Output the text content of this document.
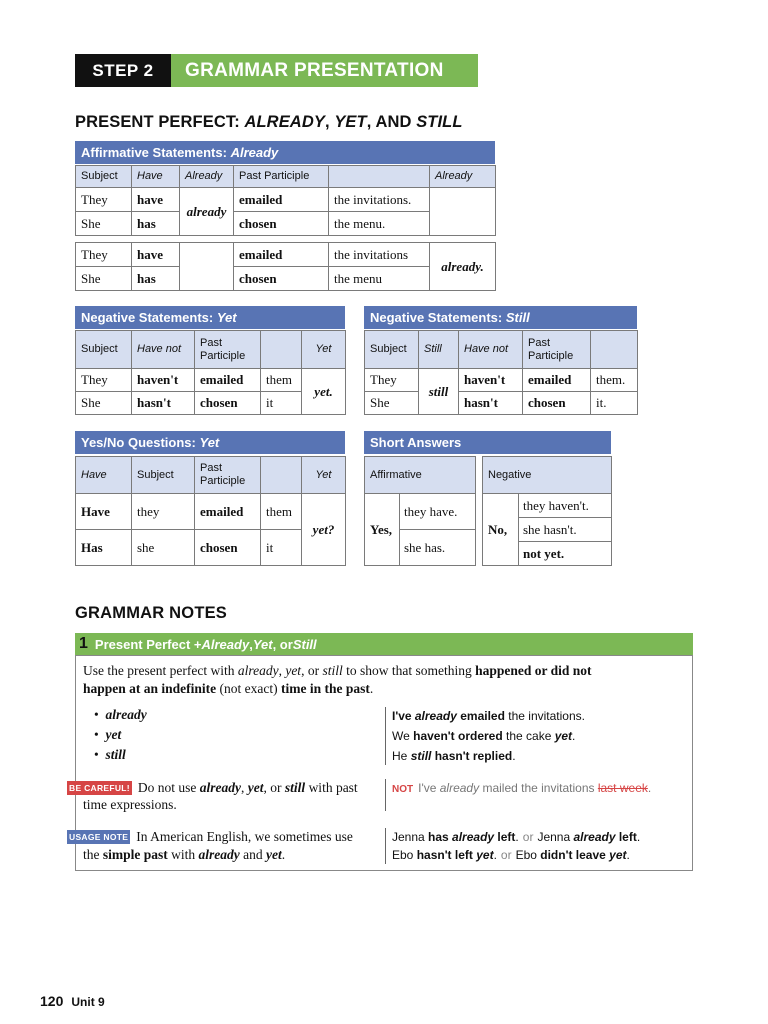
STEP 2	GRAMMAR PRESENTATION
PRESENT PERFECT: ALREADY, YET, AND STILL
Affirmative Statements:
Already
Subject	Have	Already	Past Participle		Already
They	have	already	emailed	the invitations.	
She	has		chosen	the menu.	
They	have		emailed	the invitations	already.
She	has		chosen	the menu	
Negative Statements:
Yet
Subject	Have not	Past Participle		Yet
They	haven't	emailed	them	yet.
She	hasn't	chosen	it	
Negative Statements:
Still
Subject	Still	Have not	Past Participle	
They	still	haven't	emailed	them.
She		hasn't	chosen	it.
Yes/No Questions:
Yet
Have	Subject	Past Participle		Yet
Have	they	emailed	them	yet?
Has	she	chosen	it	
Short Answers
Affirmative
Yes,	they have.
she has.
Negative
No,	they haven't.
she hasn't.
not yet.
GRAMMAR NOTES
1 Present Perfect + Already , Yet , or Still
Use the present perfect with already, yet, or still to show that something happened or did not
happen at an indefinite (not exact) time in the past.
•  already
•  yet
•  still
I've already emailed the invitations.
We haven't ordered the cake yet.
He still hasn't replied.
BE CAREFUL! Do not use already, yet, or still with past
time expressions.
NOT I've already mailed the invitations last week.
USAGE NOTE In American English, we sometimes use
the simple past with already and yet.
Jenna has already left. or Jenna already left.
Ebo hasn't left yet. or Ebo didn't leave yet.
120 Unit 9
